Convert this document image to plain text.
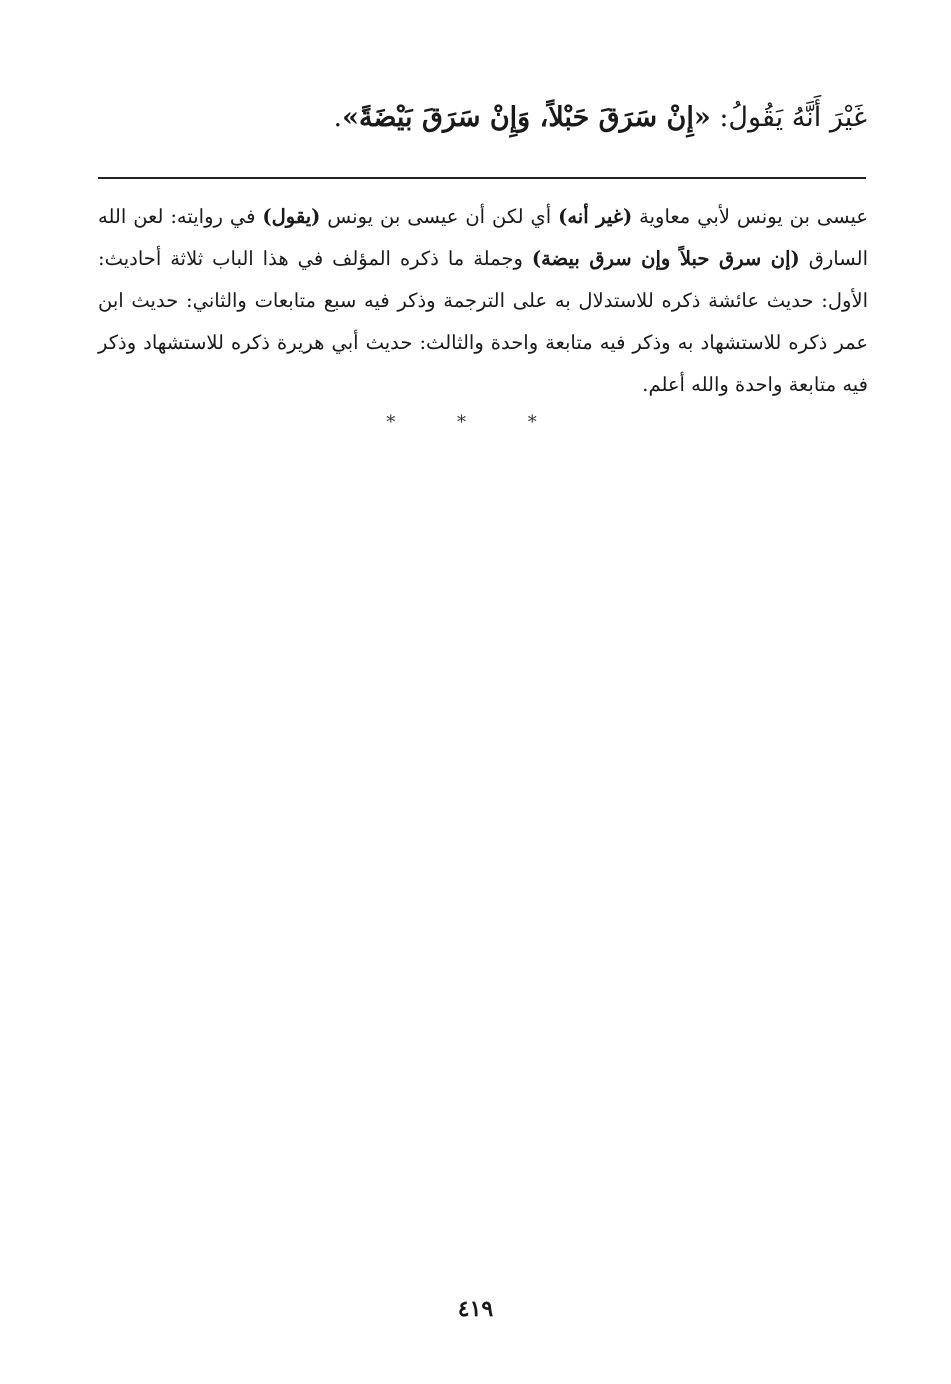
غَيْرَ أَنَّهُ يَقُولُ: «إِنْ سَرَقَ حَبْلاً، وَإِنْ سَرَقَ بَيْضَةً».
عيسى بن يونس لأبي معاوية (غير أنه) أي لكن أن عيسى بن يونس (يقول) في روايته: لعن الله السارق (إن سرق حبلاً وإن سرق بيضة) وجملة ما ذكره المؤلف في هذا الباب ثلاثة أحاديث: الأول: حديث عائشة ذكره للاستدلال به على الترجمة وذكر فيه سبع متابعات والثاني: حديث ابن عمر ذكره للاستشهاد به وذكر فيه متابعة واحدة والثالث: حديث أبي هريرة ذكره للاستشهاد وذكر فيه متابعة واحدة والله أعلم.
* * *
٤١٩
